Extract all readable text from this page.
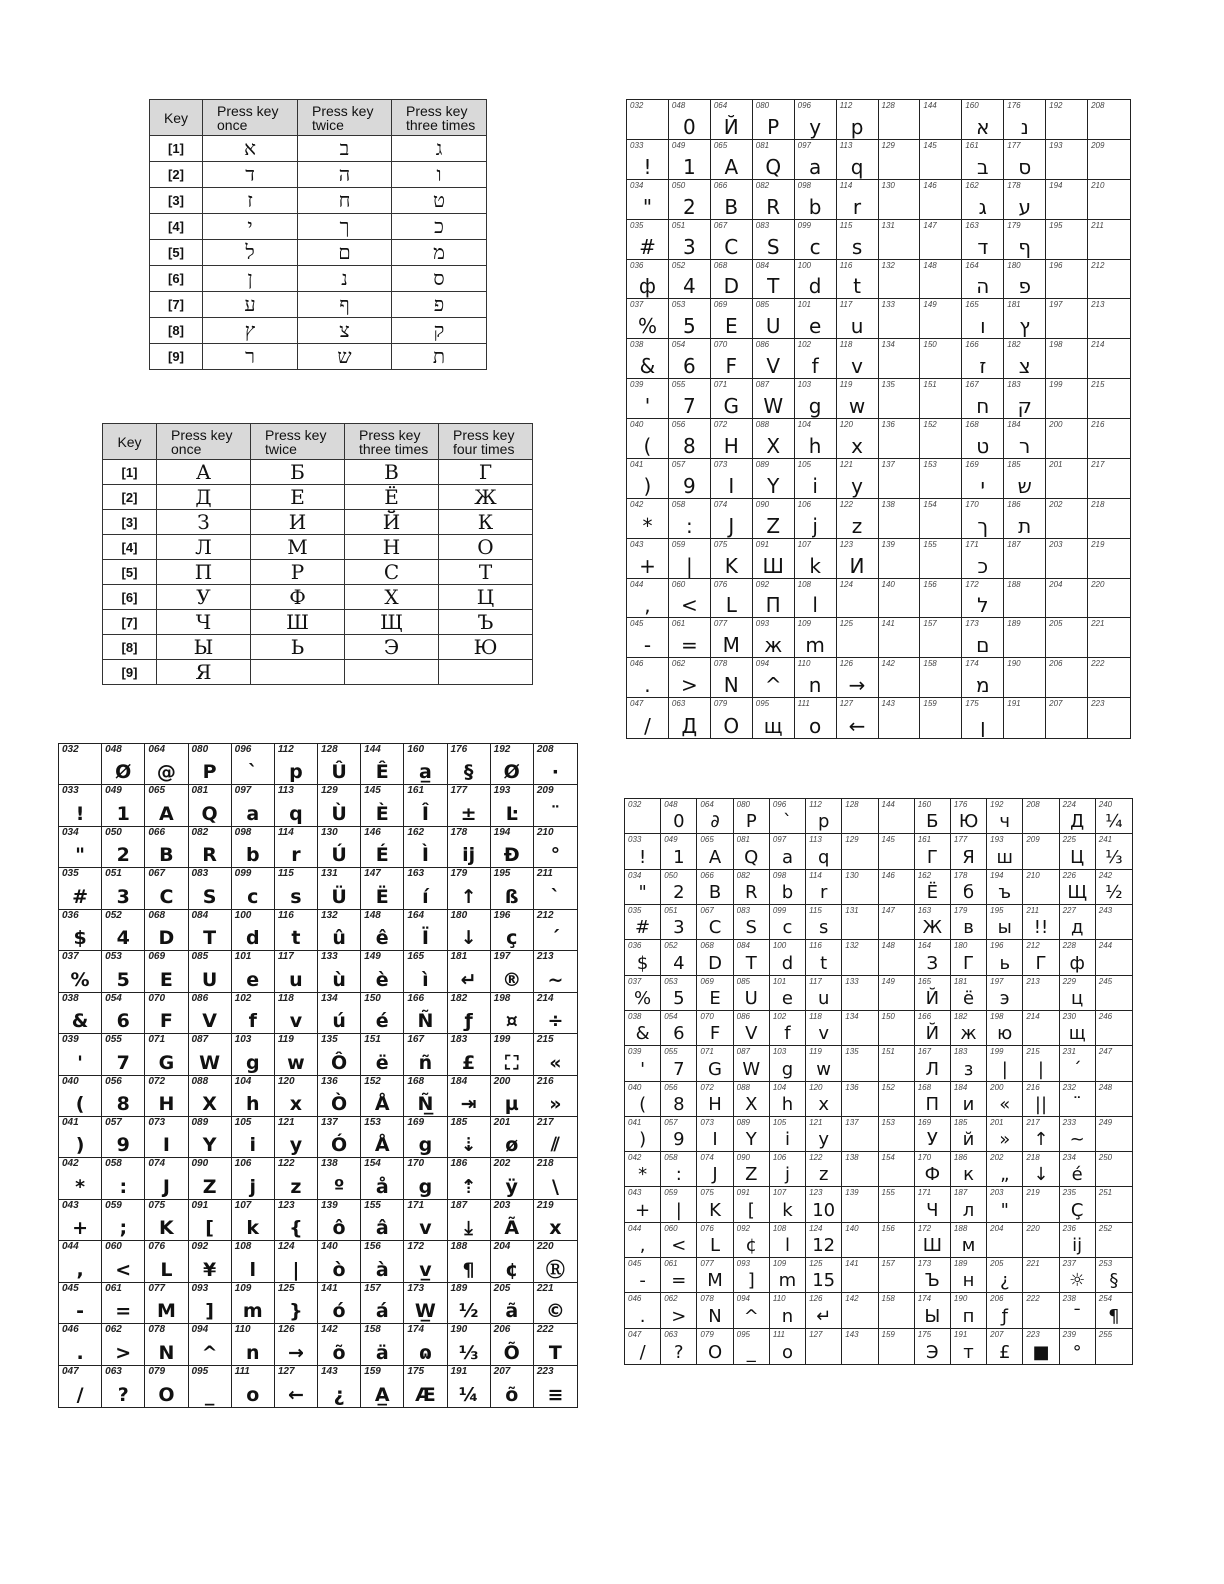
Key	Press key once	Press key twice	Press key three times
[1]	א	ב	ג
[2]	ד	ה	ו
[3]	ז	ח	ט
[4]	י	ך	כ
[5]	ל	ם	מ
[6]	ן	נ	ס
[7]	ע	ף	פ
[8]	ץ	צ	ק
[9]	ר	ש	ת
Key	Press key once	Press key twice	Press key three times	Press key four times
[1]	А	Б	В	Г
[2]	Д	Е	Ё	Ж
[3]	З	И	Й	К
[4]	Л	М	Н	О
[5]	П	Р	С	Т
[6]	У	Ф	Х	Ц
[7]	Ч	Ш	Щ	Ъ
[8]	Ы	Ь	Э	Ю
[9]	Я			
032	048
0
064
Й
080
P
096
у
112
p
128	144	160
א
176
נ
192	208
033
!
049
1
065
A
081
Q
097
a
113
q
129	145	161
ב
177
ס
193	209
034
"
050
2
066
B
082
R
098
b
114
r
130	146	162
ג
178
ע
194	210
035
#
051
3
067
C
083
S
099
c
115
s
131	147	163
ד
179
ף
195	211
036
ф
052
4
068
D
084
T
100
d
116
t
132	148	164
ה
180
פ
196	212
037
%
053
5
069
E
085
U
101
e
117
u
133	149	165
ו
181
ץ
197	213
038
&
054
6
070
F
086
V
102
f
118
v
134	150	166
ז
182
צ
198	214
039
'
055
7
071
G
087
W
103
g
119
w
135	151	167
ח
183
ק
199	215
040
(
056
8
072
H
088
X
104
h
120
x
136	152	168
ט
184
ר
200	216
041
)
057
9
073
I
089
Y
105
i
121
y
137	153	169
י
185
ש
201	217
042
*
058
:
074
J
090
Z
106
j
122
z
138	154	170
ך
186
ת
202	218
043
+
059
|
075
K
091
Ш
107
k
123
И
139	155	171
כ
187	203	219
044
,
060
<
076
L
092
П
108
l
124	140	156	172
ל
188	204	220
045
-
061
=
077
M
093
ж
109
m
125	141	157	173
ם
189	205	221
046
.
062
>
078
N
094
^
110
n
126
→
142	158	174
מ
190	206	222
047
/
063
Д
079
O
095
щ
111
o
127
←
143	159	175
ן
191	207	223
032	048
Ø
064
@
080
P
096
`
112
p
128
Û
144
Ê
160
a̲
176
§
192
Ø
208
·
033
!
049
1
065
A
081
Q
097
a
113
q
129
Ù
145
È
161
Î
177
±
193
Ŀ
209
¨
034
"
050
2
066
B
082
R
098
b
114
r
130
Ú
146
É
162
Ì
178
ij
194
Đ
210
°
035
#
051
3
067
C
083
S
099
c
115
s
131
Ü
147
Ë
163
í
179
↑
195
ß
211
`
036
$
052
4
068
D
084
T
100
d
116
t
132
û
148
ê
164
Ï
180
↓
196
ç
212
´
037
%
053
5
069
E
085
U
101
e
117
u
133
ù
149
è
165
ì
181
↵
197
®
213
~
038
&
054
6
070
F
086
V
102
f
118
v
134
ú
150
é
166
Ñ
182
ƒ
198
¤
214
÷
039
'
055
7
071
G
087
W
103
g
119
w
135
Ô
151
ë
167
ñ
183
£
199
⛶
215
«
040
(
056
8
072
H
088
X
104
h
120
x
136
Ò
152
Å
168
Ñ̲
184
⇥
200
µ
216
»
041
)
057
9
073
I
089
Y
105
i
121
y
137
Ó
153
Å
169
g̲
185
⇣
201
ø
217
⫽
042
*
058
:
074
J
090
Z
106
j
122
z
138
º
154
å
170
g
186
⇡
202
ÿ
218
\
043
+
059
;
075
K
091
[
107
k
123
{
139
ô
155
â
171
v
187
⤓
203
Ã
219
x
044
,
060
<
076
L
092
¥
108
l
124
|
140
ò
156
à
172
v̲
188
¶
204
¢
220
Ⓡ
045
-
061
=
077
M
093
]
109
m
125
}
141
ó
157
á
173
W̲
189
½
205
ã
221
©
046
.
062
>
078
N
094
^
110
n
126
→
142
õ
158
ä
174
ɷ
190
⅓
206
Õ
222
T
047
/
063
?
079
O
095
_
111
o
127
←
143
¿
159
A̲
175
Æ
191
¼
207
õ
223
≡
032	048
0
064
∂
080
P
096
`
112
p
128	144	160
Б
176
Ю
192
ч
208	224
Д
240
¼
033
!
049
1
065
A
081
Q
097
a
113
q
129	145	161
Г
177
Я
193
ш
209	225
Ц
241
⅓
034
"
050
2
066
B
082
R
098
b
114
r
130	146	162
Ë
178
б
194
ъ
210	226
Щ
242
½
035
#
051
3
067
C
083
S
099
c
115
s
131	147	163
Ж
179
в
195
ы
211
!!
227
д
243
036
$
052
4
068
D
084
T
100
d
116
t
132	148	164
З
180
Г
196
ь
212
Г
228
ф
244
037
%
053
5
069
E
085
U
101
e
117
u
133	149	165
Й
181
ё
197
э
213	229
ц
245
038
&
054
6
070
F
086
V
102
f
118
v
134	150	166
Й
182
ж
198
ю
214	230
щ
246
039
'
055
7
071
G
087
W
103
g
119
w
135	151	167
Л
183
з
199
|
215
|
231
´
247
040
(
056
8
072
H
088
X
104
h
120
x
136	152	168
П
184
и
200
«
216
||
232
¨
248
041
)
057
9
073
I
089
Y
105
i
121
y
137	153	169
У
185
й
201
»
217
↑
233
~
249
042
*
058
:
074
J
090
Z
106
j
122
z
138	154	170
Ф
186
к
202
„
218
↓
234
é
250
043
+
059
|
075
K
091
[
107
k
123
10
139	155	171
Ч
187
л
203
"
219	235
Ç
251
044
,
060
<
076
L
092
¢
108
l
124
12
140	156	172
Ш
188
м
204	220	236
ij
252
045
-
061
=
077
M
093
]
109
m
125
15
141	157	173
Ъ
189
н
205
¿
221	237
☼
253
§
046
.
062
>
078
N
094
^
110
n
126
↵
142	158	174
Ы
190
п
206
ƒ
222	238
¯
254
¶
047
/
063
?
079
O
095
_
111
o
127	143	159	175
Э
191
т
207
£
223
■
239
°
255
